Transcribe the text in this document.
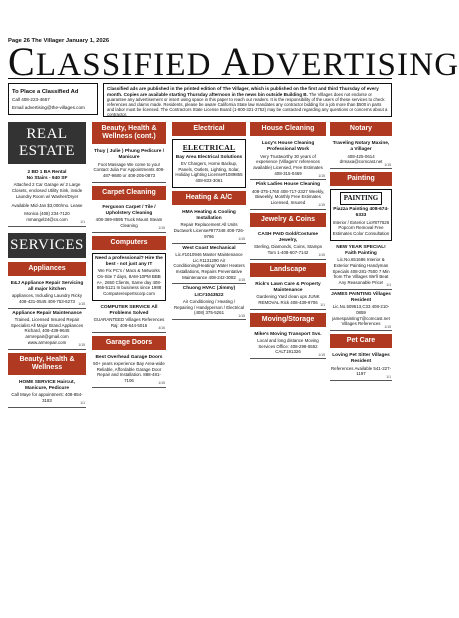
Page 26 The Villager January 1, 2026
CLASSIFIED ADVERTISING
To Place a Classified Ad
Call 408-223-4657
Email advertising@the-villages.com
Classified ads are published in the printed edition of The Villager, which is published on the first and third Thursday of every month. Copies are available starting Thursday afternoon in the news bin outside Building B. The Villages does not endorse or guarantee any advertisement or insert using space in this paper to reach our readers. It is the responsibility of the users of these services to check references and claims made. Residents, please be aware California State law mandates any contractor bidding for a job more than $500 in parts and labor must be licensed. The Contractors State License Board (1-800-321-2752) may be contacted regarding any questions or concerns about a contractor.
REAL ESTATE
2 BD 1 BA Rental
No Stairs - 940 SF
Attached 2 Car Garage w/ 2 Large Closets, enclosed Utility Sink, inside Laundry Room w/ Washer/Dryer
Available Mid-Jan $3,000/mo. Lease
Monica (408) 234-7120 mmangel24@cs.com
1/1
SERVICES
Appliances
E&J Appliance Repair Servicing all major kitchen
appliances, Including Laundry Ricky 408-431-0545 408-753-6273
1/15
Appliance Repair Maintenance
Trained, Licensed Insured Repair Specialist All Major Brand Appliances Richard, 408-439-9645 armrepair@gmail.com www.armrepair.com
1/15
Beauty, Health & Wellness
HOME SERVICE Haircut, Manicure, Pedicure
Call Maye for appointment: 408-854-3183
1/1
Beauty, Health & Wellness (cont.)
Thuy ( Julie ) Phung Pedicure / Manicure
Foot Massage We come to you! Contact Julia For Appointments 408-487-9680 or 408-205-0873
Carpet Cleaning
Ferguson Carpet / Tile / Upholstery Cleaning
408-369-8595 Truck Mount Steam Cleaning
1/15
Computers
Need a professional? Hire the best - not just any IT
We Fix PC's / Macs & Networks On-Site 7 days, 8AM-10PM BBB A+, 2650 Clients, Same day 408-866-5121 In business since 1988 Computerexpertscorp.com
COMPUTER SERVICE All Problems Solved
GUARANTEED Villages References Raj: 408-644-5016
4/16
Garage Doors
Best Overhead Garage Doors
50+ years experience Bay Area-wide Reliable, Affordable Garage Door Repair and Installation. 888-481-7106
1/15
Electrical
ELECTRICAL
Bay Area Electrical Solutions
EV Chargers, Home Backup, Panels, Outlets, Lighting, Solar, Holiday Lighting License#1089855 408-833-3061
Heating & A/C
HMA Heating & Cooling Installation
Repair Replacement All Units Ductwork License#977348 408-726-9766
1/15
West Coast Mechanical
Lic.#1010946 Master Maintenance Lic.#1131290 Air Conditioning/Heating/ Water Heaters Installations, Repairs Preventative Maintenance 408-242-3082
1/15
Chuong HVAC (Jimmy) LIC#1043522
Air Conditioning / Heating / Repairing / Handyperson / Electrical (408) 375-5261
1/15
House Cleaning
Lucy's House Cleaning Professional Work
Very Trustworthy 30 years of experience (Villagers' references available) Licensed, Free Estimates 408-315-0469
1/15
Pink Ladies House Cleaning
408-375-1760 408-717-2327 Weekly, Biweekly, Monthly Free Estimates Licensed, Insured
1/15
Jewelry & Coins
CASH PAID Gold/Costume Jewelry,
Sterling, Diamonds, Coins, Stamps Tom 1-408-607-7142
1/15
Landscape
Rick's Lawn Care & Property Maintenance
Gardening Yard clean ups JUNK REMOVAL Rick 408-439-9706
1/1
Moving/Storage
Mike's Moving Transport Svs.
Local and long distance Moving Services Office: 408-298-5552 CALT191326
1/15
Notary
Traveling Notary Maxine, a Villager
408-425-0614 drmaxa@comcast.net
1/15
Painting
PAINTING
Piazza Painting 408-674-6333
Interior / Exterior Lic#877626 Popcorn Removal Free Estimates Color Consultation
NEW YEAR SPECIAL! Faith Painting
Lic.No.651686 Interior & Exterior Painting Handyman Specials 408-281-7500 7 Min from The Villages We'll Beat Any Reasonable Price!
1/1
JAMES PAINTING Villages Resident
Lic.No.509613,C33 408-210-0859 jamespainting7@comcast.net Villages References
1/15
Pet Care
Loving Pet Sitter Villages Resident
References Available 541-227-1197
1/1
